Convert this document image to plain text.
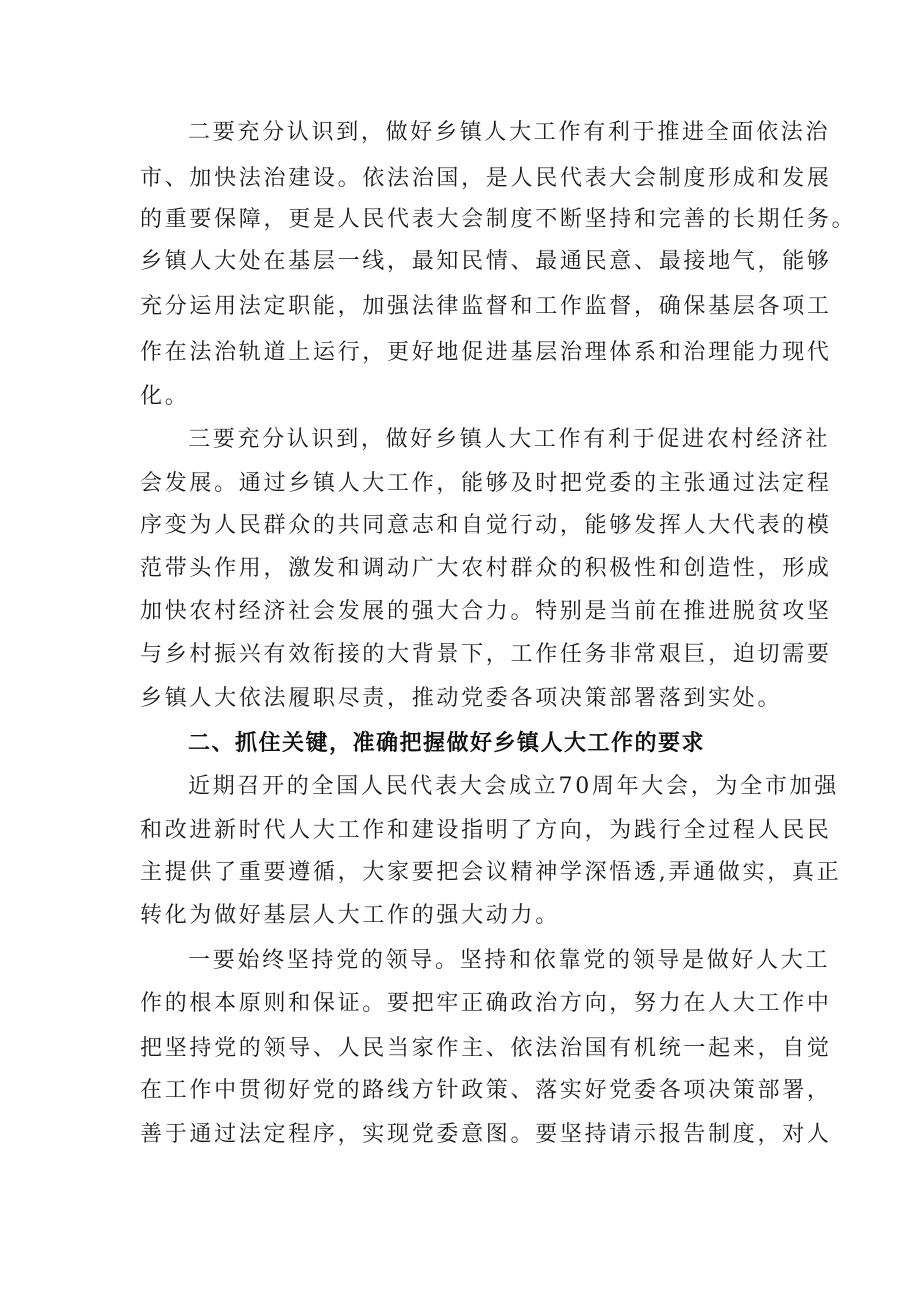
二要充分认识到，做好乡镇人大工作有利于推进全面依法治
市、加快法治建设。依法治国，是人民代表大会制度形成和发展
的重要保障，更是人民代表大会制度不断坚持和完善的长期任务。
乡镇人大处在基层一线，最知民情、最通民意、最接地气，能够
充分运用法定职能，加强法律监督和工作监督，确保基层各项工
作在法治轨道上运行，更好地促进基层治理体系和治理能力现代
化。
三要充分认识到，做好乡镇人大工作有利于促进农村经济社
会发展。通过乡镇人大工作，能够及时把党委的主张通过法定程
序变为人民群众的共同意志和自觉行动，能够发挥人大代表的模
范带头作用，激发和调动广大农村群众的积极性和创造性，形成
加快农村经济社会发展的强大合力。特别是当前在推进脱贫攻坚
与乡村振兴有效衔接的大背景下，工作任务非常艰巨，迫切需要
乡镇人大依法履职尽责，推动党委各项决策部署落到实处。
二、抓住关键，准确把握做好乡镇人大工作的要求
近期召开的全国人民代表大会成立70周年大会，为全市加强
和改进新时代人大工作和建设指明了方向，为践行全过程人民民
主提供了重要遵循，大家要把会议精神学深悟透,弄通做实，真正
转化为做好基层人大工作的强大动力。
一要始终坚持党的领导。坚持和依靠党的领导是做好人大工
作的根本原则和保证。要把牢正确政治方向，努力在人大工作中
把坚持党的领导、人民当家作主、依法治国有机统一起来，自觉
在工作中贯彻好党的路线方针政策、落实好党委各项决策部署，
善于通过法定程序，实现党委意图。要坚持请示报告制度，对人
